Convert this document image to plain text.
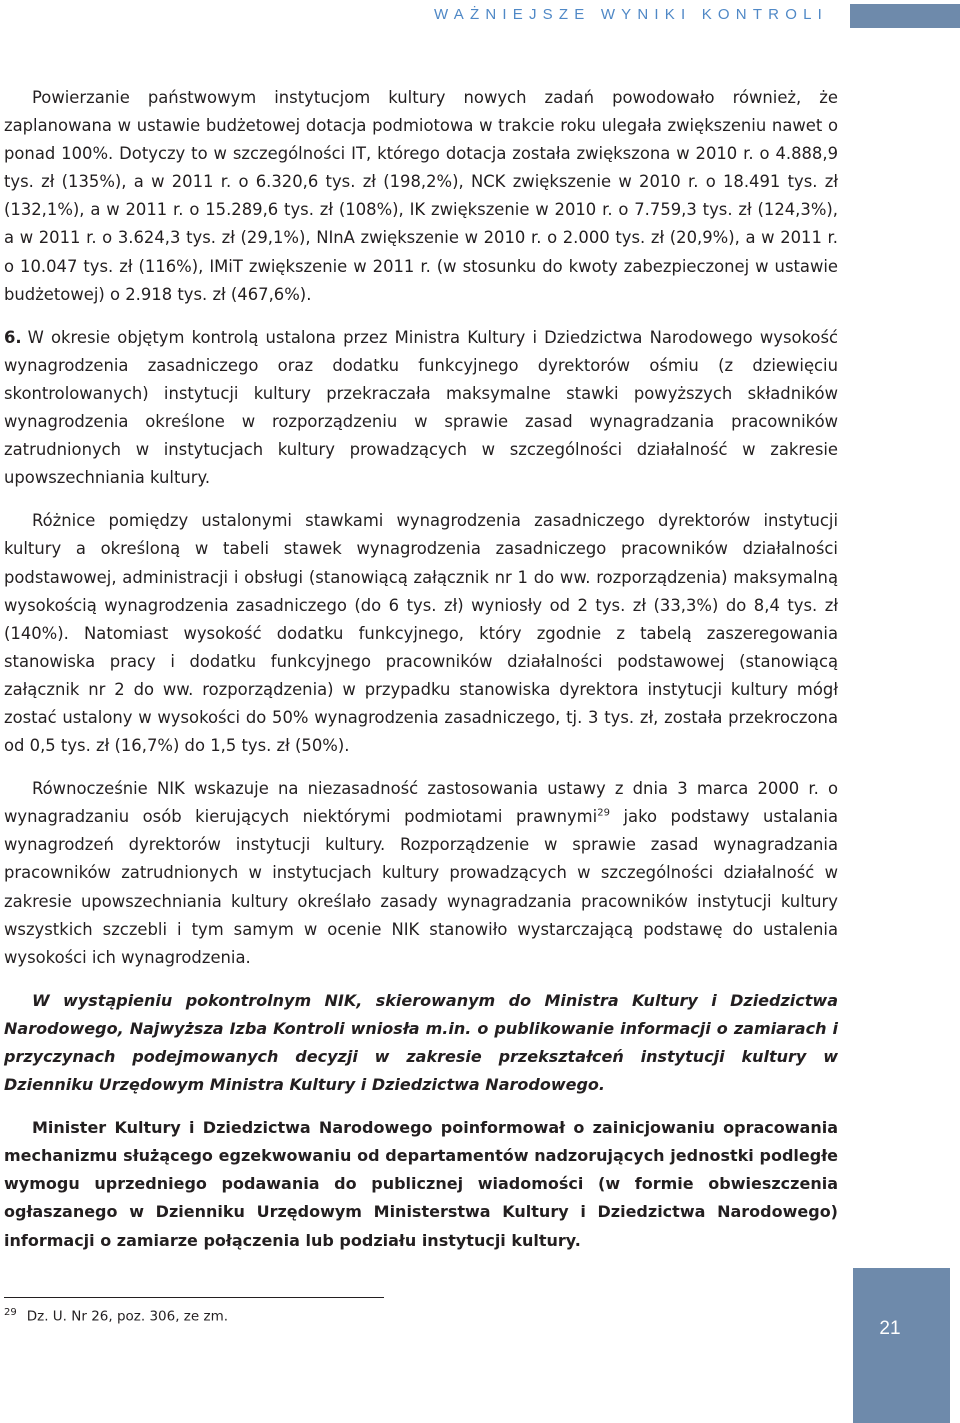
WAŻNIEJSZE WYNIKI KONTROLI

Powierzanie państwowym instytucjom kultury nowych zadań powodowało również, że zaplanowana w ustawie budżetowej dotacja podmiotowa w trakcie roku ulegała zwiększeniu nawet o ponad 100%. Dotyczy to w szczególności IT, którego dotacja została zwiększona w 2010 r. o 4.888,9 tys. zł (135%), a w 2011 r. o 6.320,6 tys. zł (198,2%), NCK zwiększenie w 2010 r. o 18.491 tys. zł (132,1%), a w 2011 r. o 15.289,6 tys. zł (108%), IK zwiększenie w 2010 r. o 7.759,3 tys. zł (124,3%), a w 2011 r. o 3.624,3 tys. zł (29,1%), NInA zwiększenie w 2010 r. o 2.000 tys. zł (20,9%), a w 2011 r. o 10.047 tys. zł (116%), IMiT zwiększenie w 2011 r. (w stosunku do kwoty zabezpieczonej w ustawie budżetowej) o 2.918 tys. zł (467,6%).

6. W okresie objętym kontrolą ustalona przez Ministra Kultury i Dziedzictwa Narodowego wysokość wynagrodzenia zasadniczego oraz dodatku funkcyjnego dyrektorów ośmiu (z dziewięciu skontrolowanych) instytucji kultury przekraczała maksymalne stawki powyższych składników wynagrodzenia określone w rozporządzeniu w sprawie zasad wynagradzania pracowników zatrudnionych w instytucjach kultury prowadzących w szczególności działalność w zakresie upowszechniania kultury.

Różnice pomiędzy ustalonymi stawkami wynagrodzenia zasadniczego dyrektorów instytucji kultury a określoną w tabeli stawek wynagrodzenia zasadniczego pracowników działalności podstawowej, administracji i obsługi (stanowiącą załącznik nr 1 do ww. rozporządzenia) maksymalną wysokością wynagrodzenia zasadniczego (do 6 tys. zł) wyniosły od 2 tys. zł (33,3%) do 8,4 tys. zł (140%). Natomiast wysokość dodatku funkcyjnego, który zgodnie z tabelą zaszeregowania stanowiska pracy i dodatku funkcyjnego pracowników działalności podstawowej (stanowiącą załącznik nr 2 do ww. rozporządzenia) w przypadku stanowiska dyrektora instytucji kultury mógł zostać ustalony w wysokości do 50% wynagrodzenia zasadniczego, tj. 3 tys. zł, została przekroczona od 0,5 tys. zł (16,7%) do 1,5 tys. zł (50%).

Równocześnie NIK wskazuje na niezasadność zastosowania ustawy z dnia 3 marca 2000 r. o wynagradzaniu osób kierujących niektórymi podmiotami prawnymi$^{29}$ jako podstawy ustalania wynagrodzeń dyrektorów instytucji kultury. Rozporządzenie w sprawie zasad wynagradzania pracowników zatrudnionych w instytucjach kultury prowadzących w szczególności działalność w zakresie upowszechniania kultury określało zasady wynagradzania pracowników instytucji kultury wszystkich szczebli i tym samym w ocenie NIK stanowiło wystarczającą podstawę do ustalenia wysokości ich wynagrodzenia.

W wystąpieniu pokontrolnym NIK, skierowanym do Ministra Kultury i Dziedzictwa Narodowego, Najwyższa Izba Kontroli wniosła m.in. o publikowanie informacji o zamiarach i przyczynach podejmowanych decyzji w zakresie przekształceń instytucji kultury w Dzienniku Urzędowym Ministra Kultury i Dziedzictwa Narodowego.

Minister Kultury i Dziedzictwa Narodowego poinformował o zainicjowaniu opracowania mechanizmu służącego egzekwowaniu od departamentów nadzorujących jednostki podległe wymogu uprzedniego podawania do publicznej wiadomości (w formie obwieszczenia ogłaszanego w Dzienniku Urzędowym Ministerstwa Kultury i Dziedzictwa Narodowego) informacji o zamiarze połączenia lub podziału instytucji kultury.

$^{29}$ Dz. U. Nr 26, poz. 306, ze zm.
21
